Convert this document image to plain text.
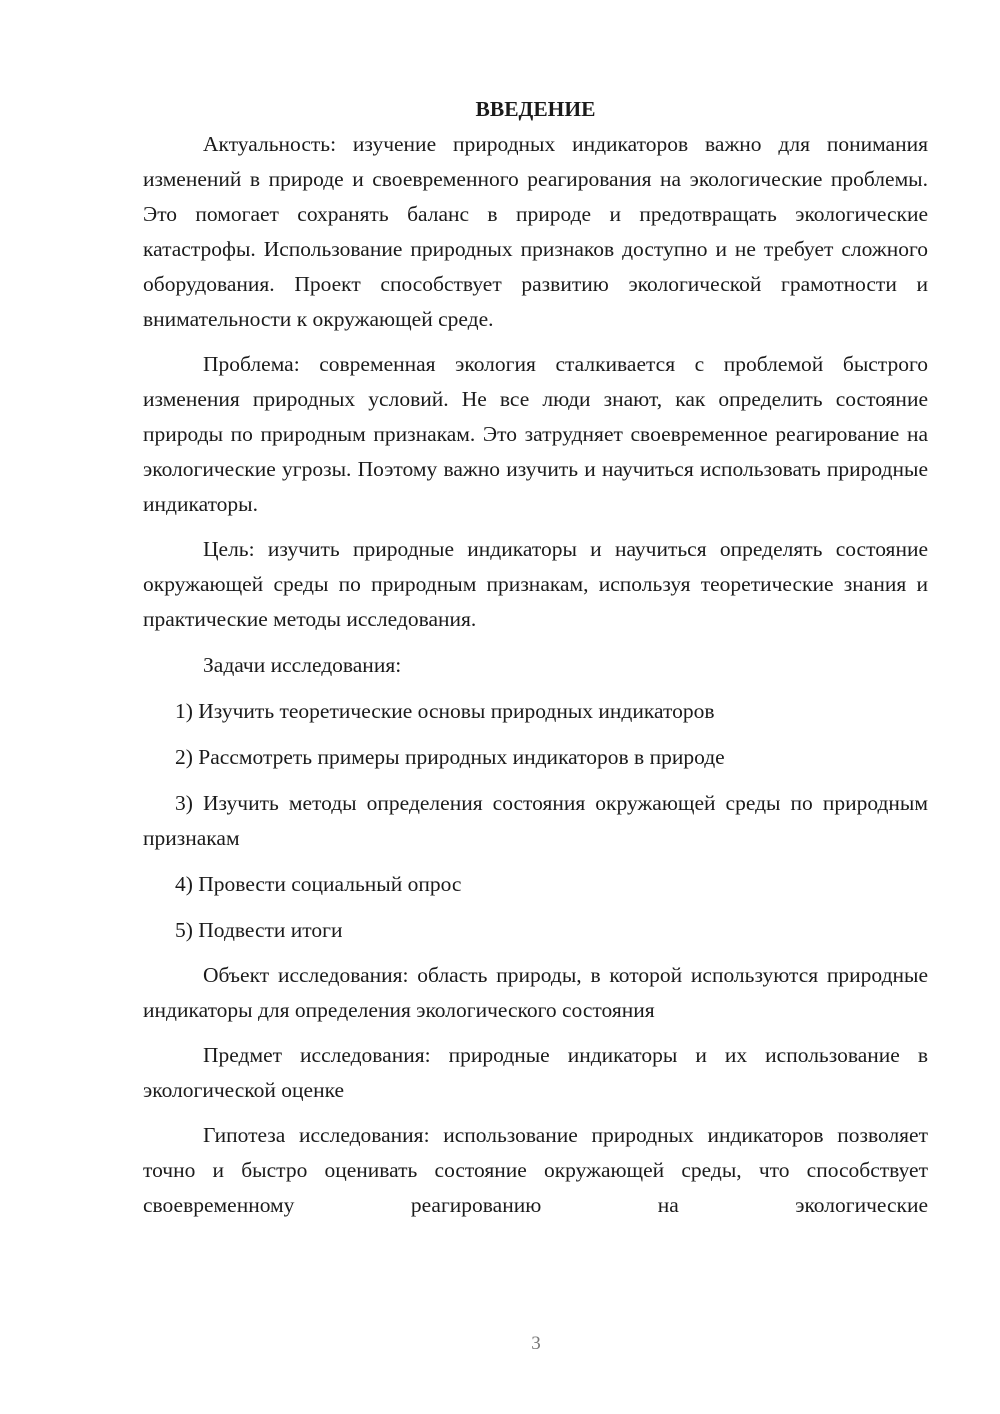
ВВЕДЕНИЕ

Актуальность: изучение природных индикаторов важно для понимания изменений в природе и своевременного реагирования на экологические проблемы. Это помогает сохранять баланс в природе и предотвращать экологические катастрофы. Использование природных признаков доступно и не требует сложного оборудования. Проект способствует развитию экологической грамотности и внимательности к окружающей среде.

Проблема: современная экология сталкивается с проблемой быстрого изменения природных условий. Не все люди знают, как определить состояние природы по природным признакам. Это затрудняет своевременное реагирование на экологические угрозы. Поэтому важно изучить и научиться использовать природные индикаторы.

Цель: изучить природные индикаторы и научиться определять состояние окружающей среды по природным признакам, используя теоретические знания и практические методы исследования.

Задачи исследования:

1) Изучить теоретические основы природных индикаторов

2) Рассмотреть примеры природных индикаторов в природе

3) Изучить методы определения состояния окружающей среды по природным признакам

4) Провести социальный опрос

5) Подвести итоги

Объект исследования: область природы, в которой используются природные индикаторы для определения экологического состояния

Предмет исследования: природные индикаторы и их использование в экологической оценке

Гипотеза исследования: использование природных индикаторов позволяет точно и быстро оценивать состояние окружающей среды, что способствует своевременному реагированию на экологические

3
